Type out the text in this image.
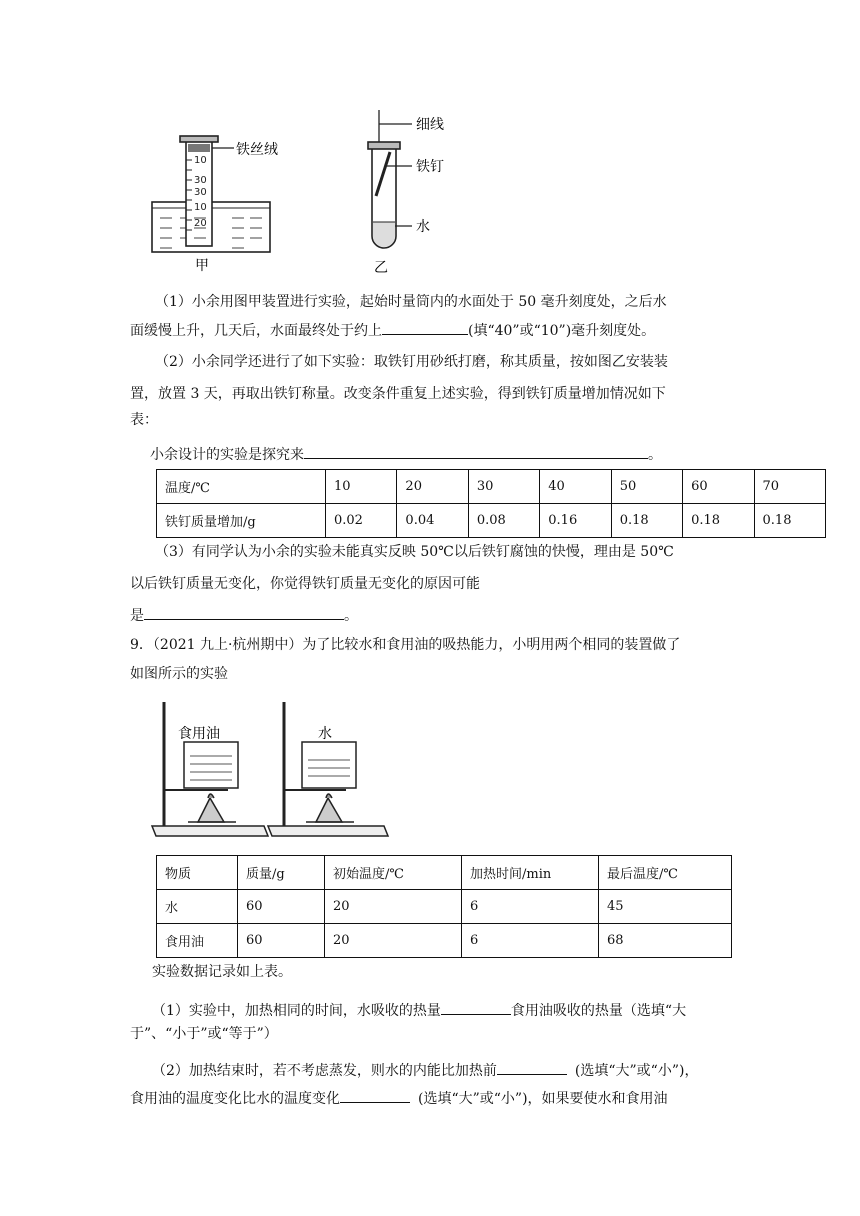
10
30
30
10
20
铁丝绒
甲
细线
铁钉
水
乙
（1）小余用图甲装置进行实验，起始时量筒内的水面处于 50 毫升刻度处，之后水
面缓慢上升，几天后，水面最终处于约上	(填“40”或“10”)毫升刻度处。
（2）小余同学还进行了如下实验：取铁钉用砂纸打磨，称其质量，按如图乙安装装
置，放置 3 天，再取出铁钉称量。改变条件重复上述实验，得到铁钉质量增加情况如下
表：
小余设计的实验是探究来	。
温度/℃	10	20	30	40	50	60	70
铁钉质量增加/g	0.02	0.04	0.08	0.16	0.18	0.18	0.18
（3）有同学认为小余的实验未能真实反映 50℃以后铁钉腐蚀的快慢，理由是 50℃
以后铁钉质量无变化，你觉得铁钉质量无变化的原因可能
是	。
9．（2021 九上·杭州期中）为了比较水和食用油的吸热能力，小明用两个相同的装置做了
如图所示的实验
食用油	水
物质	质量/g	初始温度/℃	加热时间/min	最后温度/℃
水	60	20	6	45
食用油	60	20	6	68
实验数据记录如上表。
（1）实验中，加热相同的时间，水吸收的热量	食用油吸收的热量（选填“大
于”、“小于”或“等于”）
（2）加热结束时，若不考虑蒸发，则水的内能比加热前	(选填“大”或“小”)，
食用油的温度变化比水的温度变化	(选填“大”或“小”)，如果要使水和食用油
